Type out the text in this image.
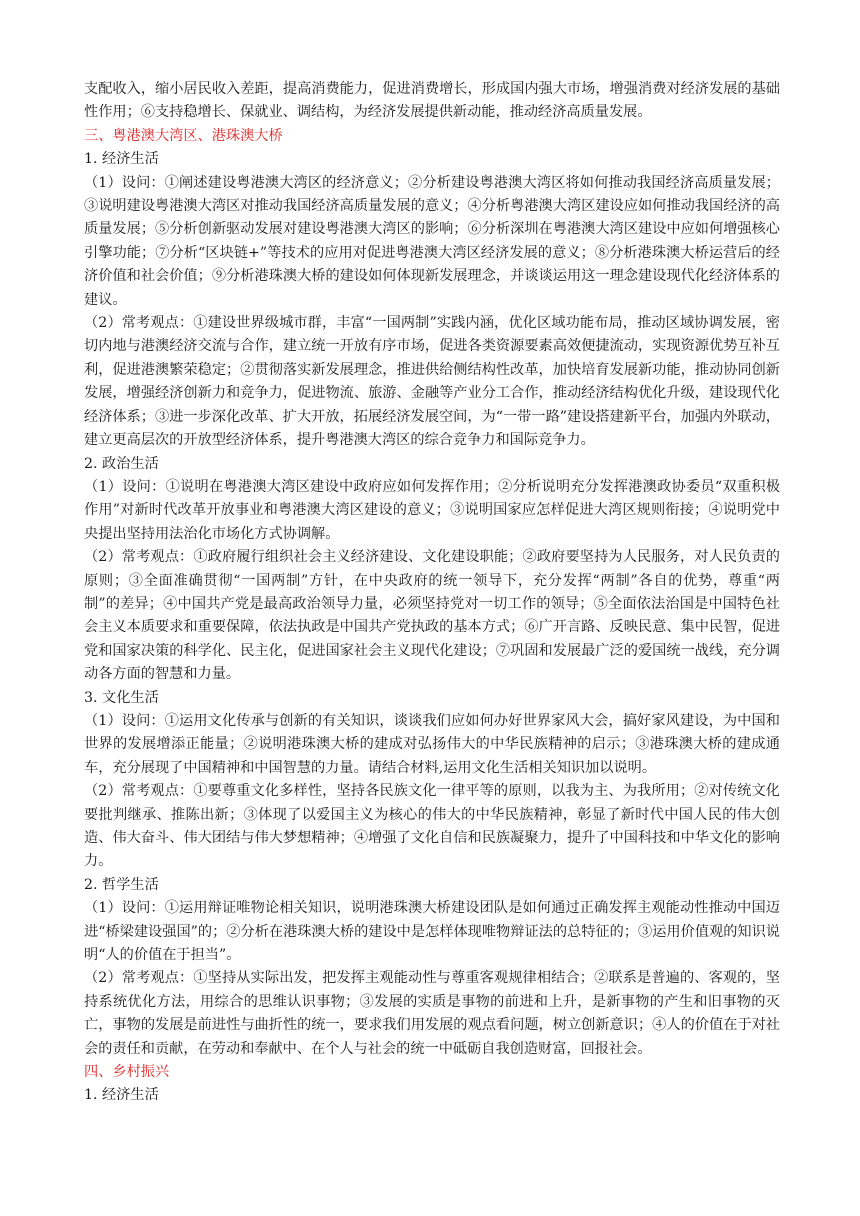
支配收入，缩小居民收入差距，提高消费能力，促进消费增长，形成国内强大市场，增强消费对经济发展的基础性作用；⑥支持稳增长、保就业、调结构，为经济发展提供新动能，推动经济高质量发展。

三、粤港澳大湾区、港珠澳大桥

1. 经济生活

（1）设问：①阐述建设粤港澳大湾区的经济意义；②分析建设粤港澳大湾区将如何推动我国经济高质量发展；③说明建设粤港澳大湾区对推动我国经济高质量发展的意义；④分析粤港澳大湾区建设应如何推动我国经济的高质量发展；⑤分析创新驱动发展对建设粤港澳大湾区的影响；⑥分析深圳在粤港澳大湾区建设中应如何增强核心引擎功能；⑦分析“区块链+”等技术的应用对促进粤港澳大湾区经济发展的意义；⑧分析港珠澳大桥运营后的经济价值和社会价值；⑨分析港珠澳大桥的建设如何体现新发展理念，并谈谈运用这一理念建设现代化经济体系的建议。

（2）常考观点：①建设世界级城市群，丰富“一国两制”实践内涵，优化区域功能布局，推动区域协调发展，密切内地与港澳经济交流与合作，建立统一开放有序市场，促进各类资源要素高效便捷流动，实现资源优势互补互利，促进港澳繁荣稳定；②贯彻落实新发展理念，推进供给侧结构性改革，加快培育发展新功能，推动协同创新发展，增强经济创新力和竞争力，促进物流、旅游、金融等产业分工合作，推动经济结构优化升级，建设现代化经济体系；③进一步深化改革、扩大开放，拓展经济发展空间，为“一带一路”建设搭建新平台，加强内外联动，建立更高层次的开放型经济体系，提升粤港澳大湾区的综合竞争力和国际竞争力。

2. 政治生活

（1）设问：①说明在粤港澳大湾区建设中政府应如何发挥作用；②分析说明充分发挥港澳政协委员“双重积极作用”对新时代改革开放事业和粤港澳大湾区建设的意义；③说明国家应怎样促进大湾区规则衔接；④说明党中央提出坚持用法治化市场化方式协调解。

（2）常考观点：①政府履行组织社会主义经济建设、文化建设职能；②政府要坚持为人民服务，对人民负责的原则；③全面准确贯彻“一国两制”方针，在中央政府的统一领导下，充分发挥“两制”各自的优势，尊重“两制”的差异；④中国共产党是最高政治领导力量，必须坚持党对一切工作的领导；⑤全面依法治国是中国特色社会主义本质要求和重要保障，依法执政是中国共产党执政的基本方式；⑥广开言路、反映民意、集中民智，促进党和国家决策的科学化、民主化，促进国家社会主义现代化建设；⑦巩固和发展最广泛的爱国统一战线，充分调动各方面的智慧和力量。

3. 文化生活

（1）设问：①运用文化传承与创新的有关知识，谈谈我们应如何办好世界家风大会，搞好家风建设，为中国和世界的发展增添正能量；②说明港珠澳大桥的建成对弘扬伟大的中华民族精神的启示；③港珠澳大桥的建成通车，充分展现了中国精神和中国智慧的力量。请结合材料,运用文化生活相关知识加以说明。

（2）常考观点：①要尊重文化多样性，坚持各民族文化一律平等的原则，以我为主、为我所用；②对传统文化要批判继承、推陈出新；③体现了以爱国主义为核心的伟大的中华民族精神，彰显了新时代中国人民的伟大创造、伟大奋斗、伟大团结与伟大梦想精神；④增强了文化自信和民族凝聚力，提升了中国科技和中华文化的影响力。

2. 哲学生活

（1）设问：①运用辩证唯物论相关知识，说明港珠澳大桥建设团队是如何通过正确发挥主观能动性推动中国迈进“桥梁建设强国”的；②分析在港珠澳大桥的建设中是怎样体现唯物辩证法的总特征的；③运用价值观的知识说明“人的价值在于担当”。

（2）常考观点：①坚持从实际出发，把发挥主观能动性与尊重客观规律相结合；②联系是普遍的、客观的，坚持系统优化方法，用综合的思维认识事物；③发展的实质是事物的前进和上升，是新事物的产生和旧事物的灭亡，事物的发展是前进性与曲折性的统一，要求我们用发展的观点看问题，树立创新意识；④人的价值在于对社会的责任和贡献，在劳动和奉献中、在个人与社会的统一中砥砺自我创造财富，回报社会。

四、乡村振兴

1. 经济生活
